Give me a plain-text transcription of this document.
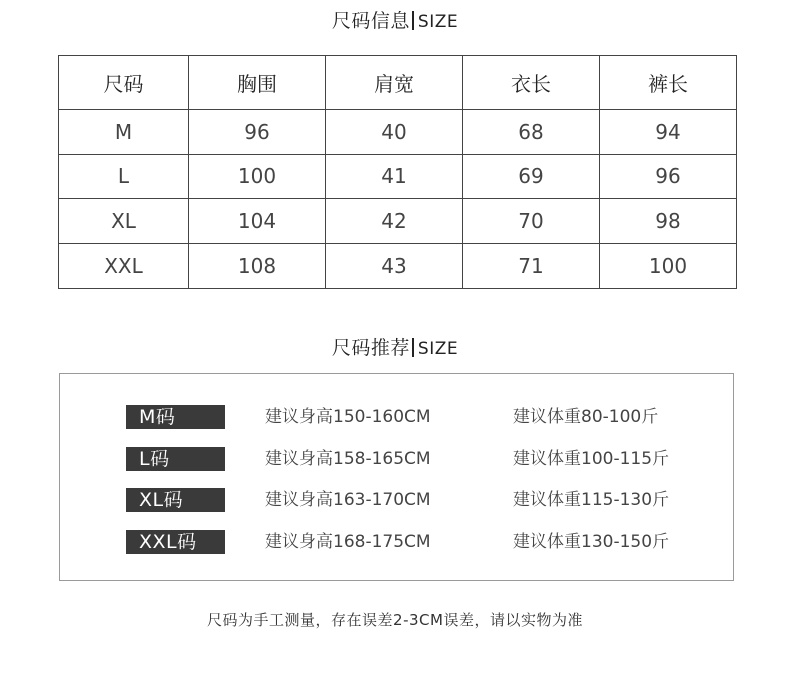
尺码信息 SIZE
尺码	胸围	肩宽	衣长	裤长
M	96	40	68	94
L	100	41	69	96
XL	104	42	70	98
XXL	108	43	71	100
尺码推荐 SIZE
M码	建议身高150-160CM	建议体重80-100斤
L码	建议身高158-165CM	建议体重100-115斤
XL码	建议身高163-170CM	建议体重115-130斤
XXL码	建议身高168-175CM	建议体重130-150斤
尺码为手工测量，存在误差2-3CM误差，请以实物为准
